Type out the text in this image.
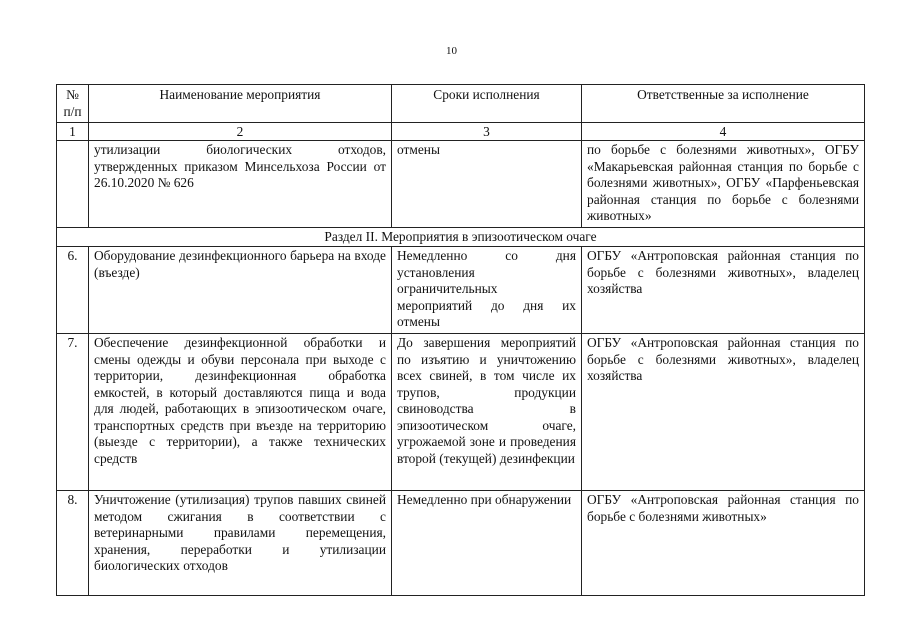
10
№ п/п	Наименование мероприятия	Сроки исполнения	Ответственные за исполнение
1	2	3	4
	утилизации биологических отходов, утвержденных приказом Минсельхоза России от 26.10.2020 № 626	отмены	по борьбе с болезнями животных», ОГБУ «Макарьевская районная станция по борьбе с болезнями животных», ОГБУ «Парфеньевская районная станция по борьбе с болезнями животных»
Раздел II. Мероприятия в эпизоотическом очаге			
6.	Оборудование дезинфекционного барьера на входе (въезде)	Немедленно со дня установления ограничительных мероприятий до дня их отмены	ОГБУ «Антроповская районная станция по борьбе с болезнями животных», владелец хозяйства
7.	Обеспечение дезинфекционной обработки и смены одежды и обуви персонала при выходе с территории, дезинфекционная обработка емкостей, в который доставляются пища и вода для людей, работающих в эпизоотическом очаге, транспортных средств при въезде на территорию (выезде с территории), а также технических средств	До завершения мероприятий по изъятию и уничтожению всех свиней, в том числе их трупов, продукции свиноводства в эпизоотическом очаге, угрожаемой зоне и проведения второй (текущей) дезинфекции	ОГБУ «Антроповская районная станция по борьбе с болезнями животных», владелец хозяйства
8.	Уничтожение (утилизация) трупов павших свиней методом сжигания в соответствии с ветеринарными правилами перемещения, хранения, переработки и утилизации биологических отходов	Немедленно при обнаружении	ОГБУ «Антроповская районная станция по борьбе с болезнями животных»
